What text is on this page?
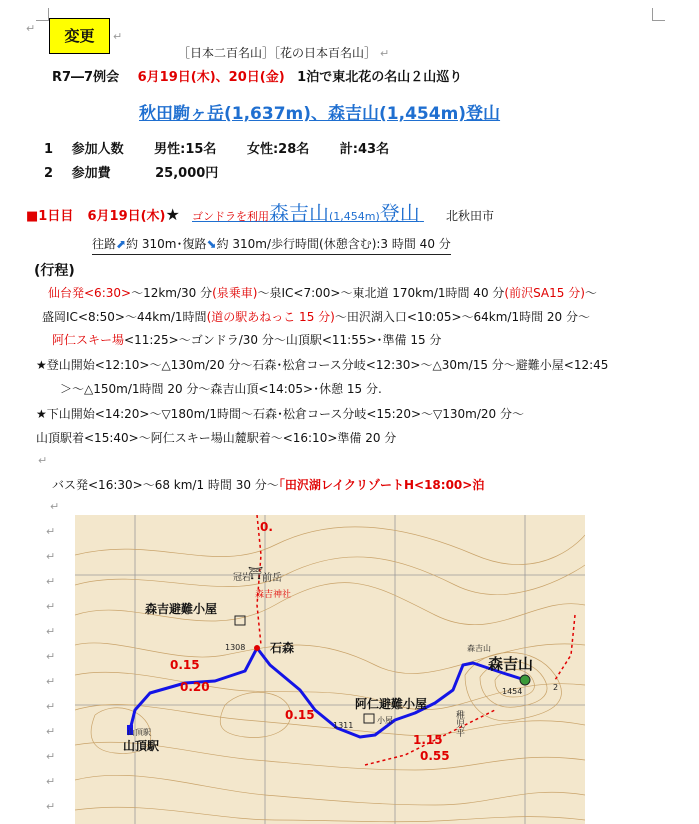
↵
↵
↵
↵
↵
↵
↵
↵
↵
↵
↵
↵
↵
↵
↵
変更	↵
［日本二百名山］［花の日本百名山］ ↵
R7―7例会 6月19日(木)、20日(金) 1泊で東北花の名山２山巡り
秋田駒ヶ岳(1,637m)、森吉山(1,454m)登山
1 参加人数 男性:15名 女性:28名 計:43名
2 参加費	25,000円
■1日目 6月19日(木)★ ゴンドラを利用森吉山(1,454m)登山 北秋田市
往路⬈約 310m･復路⬊約 310m/歩行時間(休憩含む):3 時間 40 分
(行程)
仙台発<6:30>～12km/30 分(泉乗車)～泉IC<7:00>～東北道 170km/1時間 40 分(前沢SA15 分)～
盛岡IC<8:50>～44km/1時間(道の駅あねっこ 15 分)～田沢湖入口<10:05>～64km/1時間 20 分～
阿仁スキー場<11:25>～ゴンドラ/30 分～山頂駅<11:55>･準備 15 分
★登山開始<12:10>～△130m/20 分～石森･松倉コース分岐<12:30>～△30m/15 分～避難小屋<12:45
＞～△150m/1時間 20 分～森吉山頂<14:05>･休憩 15 分.
★下山開始<14:20>～▽180m/1時間～石森･松倉コース分岐<15:20>～▽130m/20 分～
山頂駅着<15:40>～阿仁スキー場山麓駅着～<16:10>準備 20 分
バス発<16:30>～68 km/1 時間 30 分～｢田沢湖レイクリゾートH<18:00>泊
⛩
冠岩 前岳
森吉神社
森吉避難小屋
1308 石森
阿仁避難小屋
1311
小屋
森吉山
森吉山
1454
稚児平
山頂駅
山頂駅
0.15
0.20
0.15
1.15
0.55
0.
2
